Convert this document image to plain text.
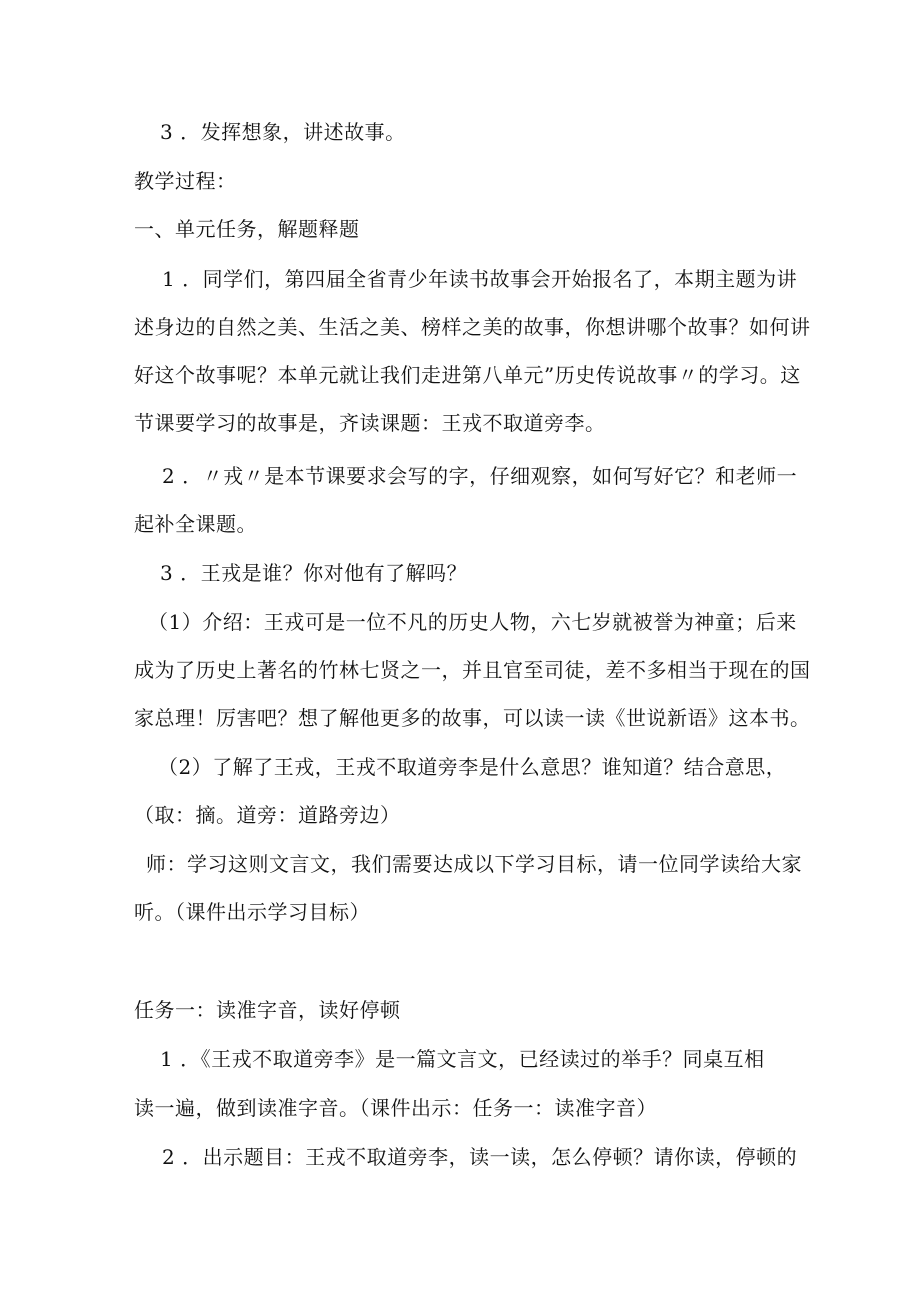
3 ．发挥想象，讲述故事。
教学过程：
一、单元任务，解题释题
1 ．同学们，第四届全省青少年读书故事会开始报名了，本期主题为讲
述身边的自然之美、生活之美、榜样之美的故事，你想讲哪个故事？如何讲
好这个故事呢？本单元就让我们走进第八单元”历史传说故事〃的学习。这
节课要学习的故事是，齐读课题：王戎不取道旁李。
2 ．〃戎〃是本节课要求会写的字，仔细观察，如何写好它？和老师一
起补全课题。
3 ．王戎是谁？你对他有了解吗？
（1）介绍：王戎可是一位不凡的历史人物，六七岁就被誉为神童；后来
成为了历史上著名的竹林七贤之一，并且官至司徒，差不多相当于现在的国
家总理！厉害吧？想了解他更多的故事，可以读一读《世说新语》这本书。
（2）了解了王戎，王戎不取道旁李是什么意思？谁知道？结合意思，
（取：摘。道旁：道路旁边）
师：学习这则文言文，我们需要达成以下学习目标，请一位同学读给大家
听。（课件出示学习目标）
任务一：读准字音，读好停顿
1 ．《王戎不取道旁李》是一篇文言文，已经读过的举手？同桌互相
读一遍，做到读准字音。（课件出示：任务一：读准字音）
2 ．出示题目：王戎不取道旁李，读一读，怎么停顿？请你读，停顿的
